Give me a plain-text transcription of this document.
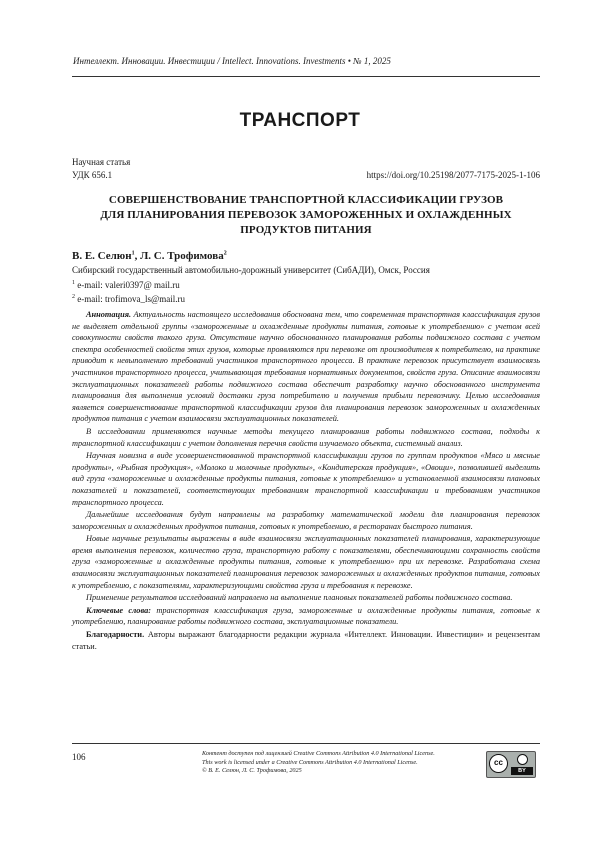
Интеллект. Инновации. Инвестиции / Intellect. Innovations. Investments • № 1, 2025
ТРАНСПОРТ
Научная статья
УДК 656.1	https://doi.org/10.25198/2077-7175-2025-1-106
СОВЕРШЕНСТВОВАНИЕ ТРАНСПОРТНОЙ КЛАССИФИКАЦИИ ГРУЗОВ
ДЛЯ ПЛАНИРОВАНИЯ ПЕРЕВОЗОК ЗАМОРОЖЕННЫХ И ОХЛАЖДЕННЫХ
ПРОДУКТОВ ПИТАНИЯ
В. Е. Селюн$^1$, Л. С. Трофимова$^2$
Сибирский государственный автомобильно-дорожный университет (СибАДИ), Омск, Россия
$^1$ e-mail: valeri0397@ mail.ru
$^2$ e-mail: trofimova_ls@mail.ru

Аннотация. Актуальность настоящего исследования обоснована тем, что современная транспортная классификация грузов не выделяет отдельной группы «замороженные и охлажденные продукты питания, готовые к употреблению» с учетом всей совокупности свойств такого груза. Отсутствие научно обоснованного планирования работы подвижного состава с учетом спектра особенностей свойств этих грузов, которые проявляются при перевозке от производителя к потребителю, на практике приводит к невыполнению требований участников транспортного процесса. В практике перевозок присутствует взаимосвязь участников транспортного процесса, учитывающая требования нормативных документов, свойств груза. Описание взаимосвязи эксплуатационных показателей работы подвижного состава обеспечит разработку научно обоснованного инструмента планирования для выполнения условий доставки груза потребителю и получения прибыли перевозчику. Целью исследования является совершенствование транспортной классификации грузов для планирования перевозок замороженных и охлажденных продуктов питания с учетом взаимосвязи эксплуатационных показателей.

В исследовании применяются научные методы текущего планирования работы подвижного состава, подходы к транспортной классификации с учетом дополнения перечня свойств изучаемого объекта, системный анализ.

Научная новизна в виде усовершенствованной транспортной классификации грузов по группам продуктов «Мясо и мясные продукты», «Рыбная продукция», «Молоко и молочные продукты», «Кондитерская продукция», «Овощи», позволившей выделить вид груза «замороженные и охлажденные продукты питания, готовые к употреблению» и установленной взаимосвязи плановых показателей и показателей, соответствующих требованиям транспортной классификации и требованиям участников транспортного процесса.

Дальнейшие исследования будут направлены на разработку математической модели для планирования перевозок замороженных и охлажденных продуктов питания, готовых к употреблению, в ресторанах быстрого питания.

Новые научные результаты выражены в виде взаимосвязи эксплуатационных показателей планирования, характеризующие время выполнения перевозок, количество груза, транспортную работу с показателями, обеспечивающими сохранность свойств груза «замороженные и охлажденные продукты питания, готовые к употреблению» при их перевозке. Разработана схема взаимосвязи эксплуатационных показателей планирования перевозок замороженных и охлажденных продуктов питания, готовых к употреблению, с показателями, характеризующими свойства груза и требования к перевозке.

Применение результатов исследований направлено на выполнение плановых показателей работы подвижного состава.

Ключевые слова: транспортная классификация груза, замороженные и охлажденные продукты питания, готовые к употреблению, планирование работы подвижного состава, эксплуатационные показатели.

Благодарности. Авторы выражают благодарности редакции журнала «Интеллект. Инновации. Инвестиции» и рецензентам статьи.

106	Контент доступен под лицензией Creative Commons Attribution 4.0 International License.
This work is licensed under a Creative Commons Attribution 4.0 International License.
© В. Е. Селюн, Л. С. Трофимова, 2025
cc
BY
